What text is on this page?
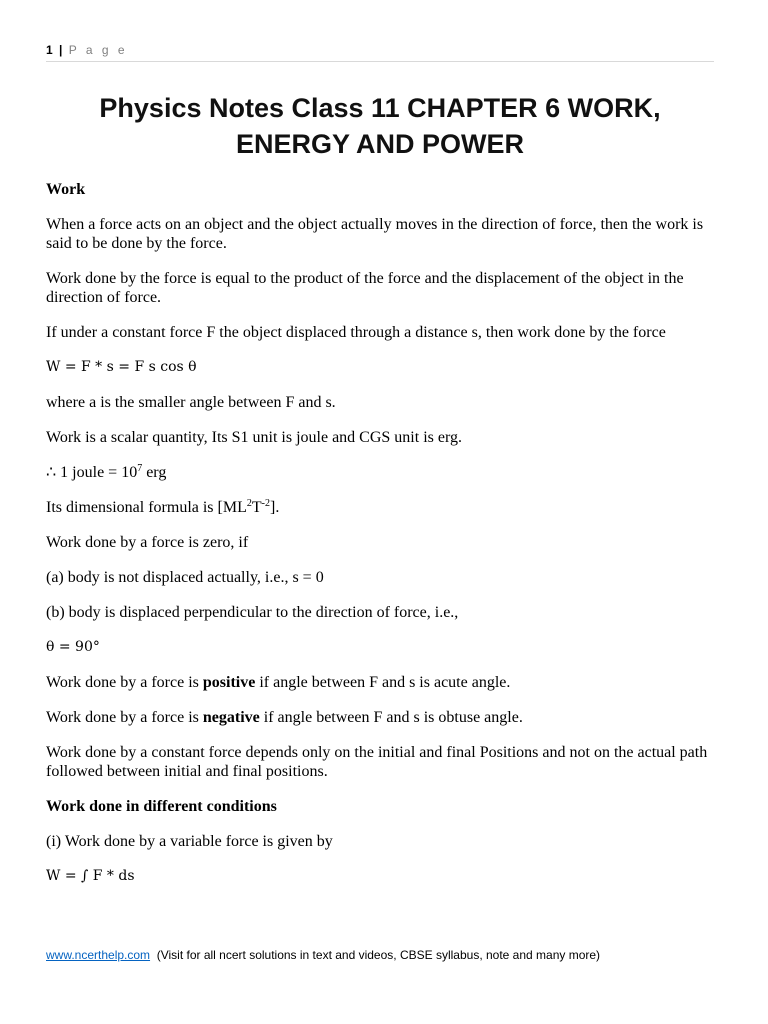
1 | P a g e
Physics Notes Class 11 CHAPTER 6 WORK,
ENERGY AND POWER

Work

When a force acts on an object and the object actually moves in the direction of force, then the work is said to be done by the force.

Work done by the force is equal to the product of the force and the displacement of the object in the direction of force.

If under a constant force F the object displaced through a distance s, then work done by the force

W = F * s = F s cos θ

where a is the smaller angle between F and s.

Work is a scalar quantity, Its S1 unit is joule and CGS unit is erg.

∴ 1 joule = $10^7$ erg

Its dimensional formula is $[ML^2T^{-2}]$.

Work done by a force is zero, if

(a) body is not displaced actually, i.e., s = 0

(b) body is displaced perpendicular to the direction of force, i.e.,

θ = 90°

Work done by a force is positive if angle between F and s is acute angle.

Work done by a force is negative if angle between F and s is obtuse angle.

Work done by a constant force depends only on the initial and final Positions and not on the actual path followed between initial and final positions.

Work done in different conditions

(i) Work done by a variable force is given by

W = ∫ F * ds

www.ncerthelp.com (Visit for all ncert solutions in text and videos, CBSE syllabus, note and many more)
